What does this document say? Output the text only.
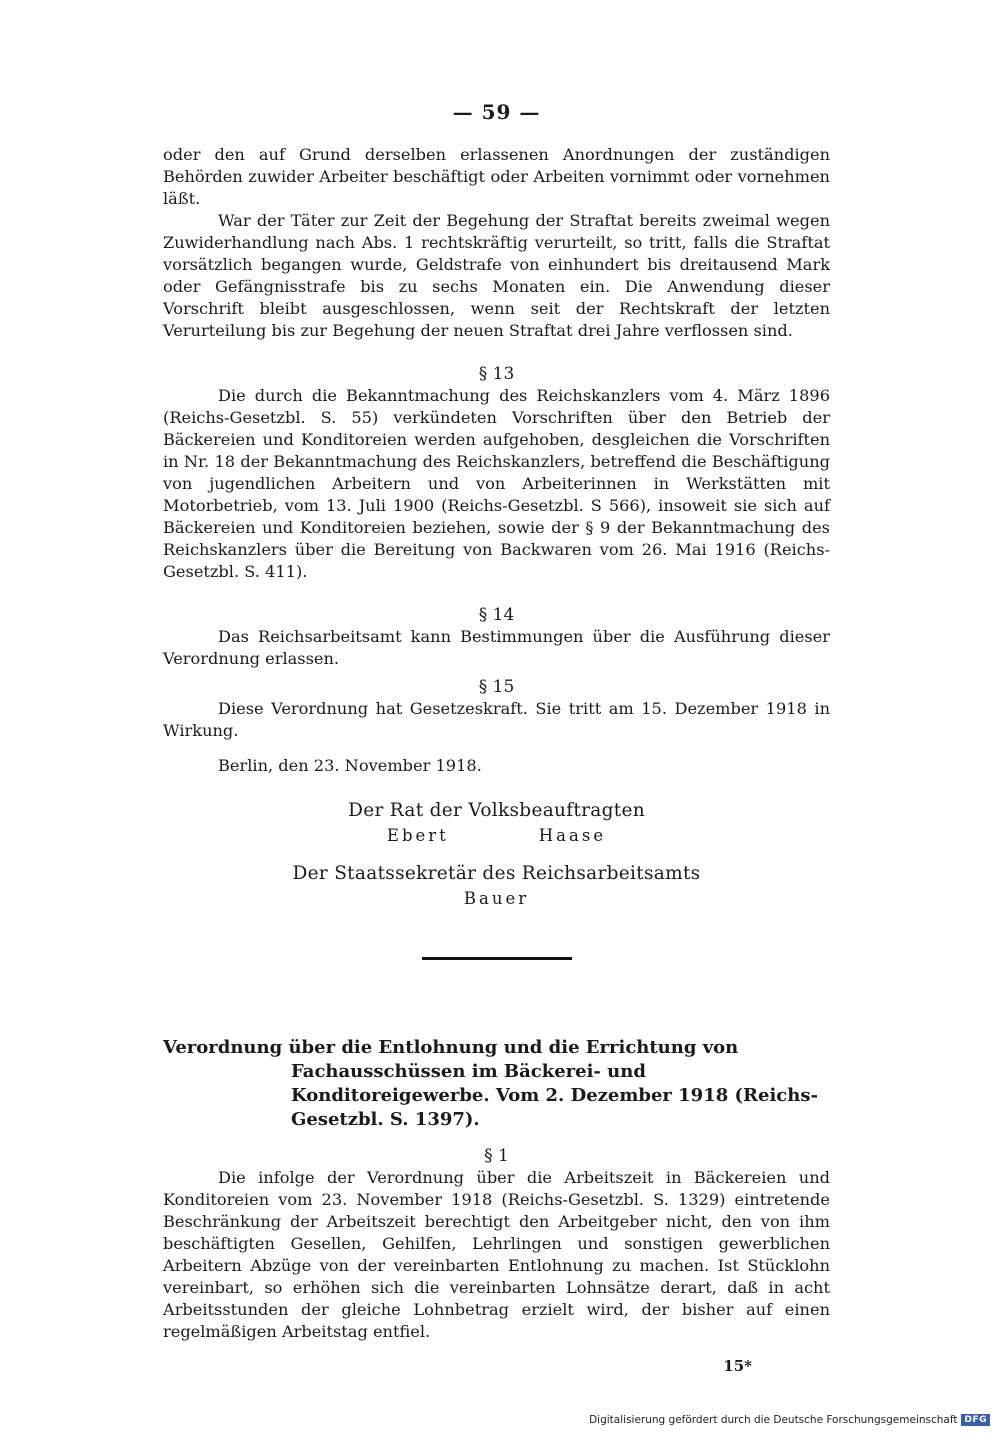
— 59 —

oder den auf Grund derselben erlassenen Anordnungen der zuständigen Behörden zuwider Arbeiter beschäftigt oder Arbeiten vornimmt oder vornehmen läßt.

War der Täter zur Zeit der Begehung der Straftat bereits zweimal wegen Zuwiderhandlung nach Abs. 1 rechtskräftig verurteilt, so tritt, falls die Straftat vorsätzlich begangen wurde, Geldstrafe von einhundert bis dreitausend Mark oder Gefängnisstrafe bis zu sechs Monaten ein. Die Anwendung dieser Vorschrift bleibt ausgeschlossen, wenn seit der Rechtskraft der letzten Verurteilung bis zur Begehung der neuen Straftat drei Jahre verflossen sind.

§ 13

Die durch die Bekanntmachung des Reichskanzlers vom 4. März 1896 (Reichs-Gesetzbl. S. 55) verkündeten Vorschriften über den Betrieb der Bäckereien und Konditoreien werden aufgehoben, desgleichen die Vorschriften in Nr. 18 der Bekanntmachung des Reichskanzlers, betreffend die Beschäftigung von jugendlichen Arbeitern und von Arbeiterinnen in Werkstätten mit Motorbetrieb, vom 13. Juli 1900 (Reichs-Gesetzbl. S 566), insoweit sie sich auf Bäckereien und Konditoreien beziehen, sowie der § 9 der Bekanntmachung des Reichskanzlers über die Bereitung von Backwaren vom 26. Mai 1916 (Reichs-Gesetzbl. S. 411).

§ 14

Das Reichsarbeitsamt kann Bestimmungen über die Ausführung dieser Verordnung erlassen.

§ 15

Diese Verordnung hat Gesetzeskraft. Sie tritt am 15. Dezember 1918 in Wirkung.

Berlin, den 23. November 1918.
Der Rat der Volksbeauftragten
Ebert	Haase
Der Staatssekretär des Reichsarbeitsamts
Bauer
Verordnung über die Entlohnung und die Errichtung von Fachausschüssen im Bäckerei- und Konditoreigewerbe. Vom 2. Dezember 1918 (Reichs-Gesetzbl. S. 1397).
§ 1

Die infolge der Verordnung über die Arbeitszeit in Bäckereien und Konditoreien vom 23. November 1918 (Reichs-Gesetzbl. S. 1329) eintretende Beschränkung der Arbeitszeit berechtigt den Arbeitgeber nicht, den von ihm beschäftigten Gesellen, Gehilfen, Lehrlingen und sonstigen gewerblichen Arbeitern Abzüge von der vereinbarten Entlohnung zu machen. Ist Stücklohn vereinbart, so erhöhen sich die vereinbarten Lohnsätze derart, daß in acht Arbeitsstunden der gleiche Lohnbetrag erzielt wird, der bisher auf einen regelmäßigen Arbeitstag entfiel.

15*
Digitalisierung gefördert durch die Deutsche Forschungsgemeinschaft DFG
